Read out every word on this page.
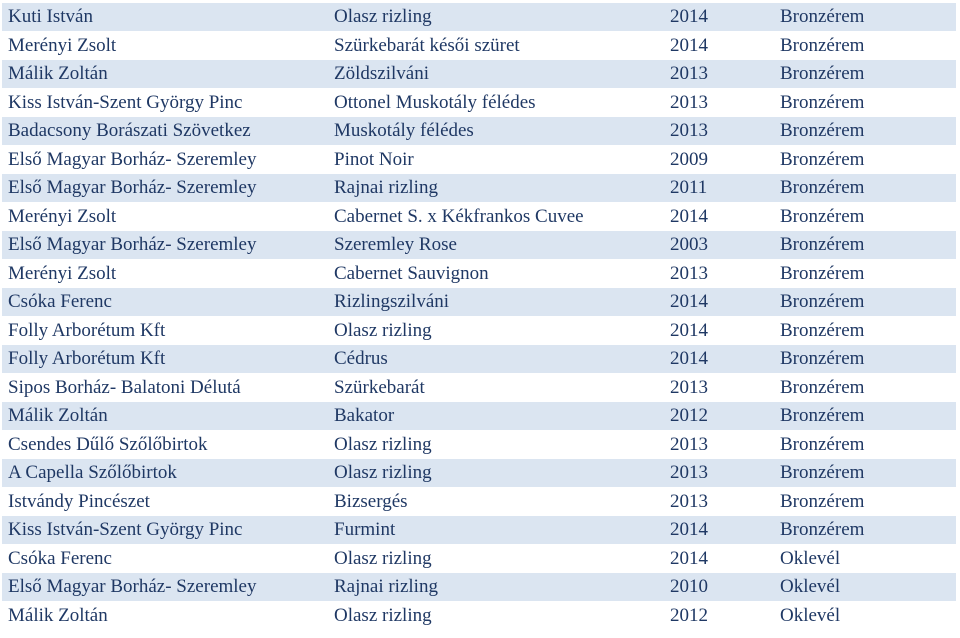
Kuti István	Olasz rizling	2014	Bronzérem
Merényi Zsolt	Szürkebarát késői szüret	2014	Bronzérem
Málik Zoltán	Zöldszilváni	2013	Bronzérem
Kiss István-Szent György Pinc	Ottonel Muskotály félédes	2013	Bronzérem
Badacsony Borászati Szövetkez	Muskotály félédes	2013	Bronzérem
Első Magyar Borház- Szeremley	Pinot Noir	2009	Bronzérem
Első Magyar Borház- Szeremley	Rajnai rizling	2011	Bronzérem
Merényi Zsolt	Cabernet S. x Kékfrankos Cuvee	2014	Bronzérem
Első Magyar Borház- Szeremley	Szeremley Rose	2003	Bronzérem
Merényi Zsolt	Cabernet Sauvignon	2013	Bronzérem
Csóka Ferenc	Rizlingszilváni	2014	Bronzérem
Folly Arborétum Kft	Olasz rizling	2014	Bronzérem
Folly Arborétum Kft	Cédrus	2014	Bronzérem
Sipos Borház- Balatoni Délutá	Szürkebarát	2013	Bronzérem
Málik Zoltán	Bakator	2012	Bronzérem
Csendes Dűlő Szőlőbirtok	Olasz rizling	2013	Bronzérem
A Capella Szőlőbirtok	Olasz rizling	2013	Bronzérem
Istvándy Pincészet	Bizsergés	2013	Bronzérem
Kiss István-Szent György Pinc	Furmint	2014	Bronzérem
Csóka Ferenc	Olasz rizling	2014	Oklevél
Első Magyar Borház- Szeremley	Rajnai rizling	2010	Oklevél
Málik Zoltán	Olasz rizling	2012	Oklevél
